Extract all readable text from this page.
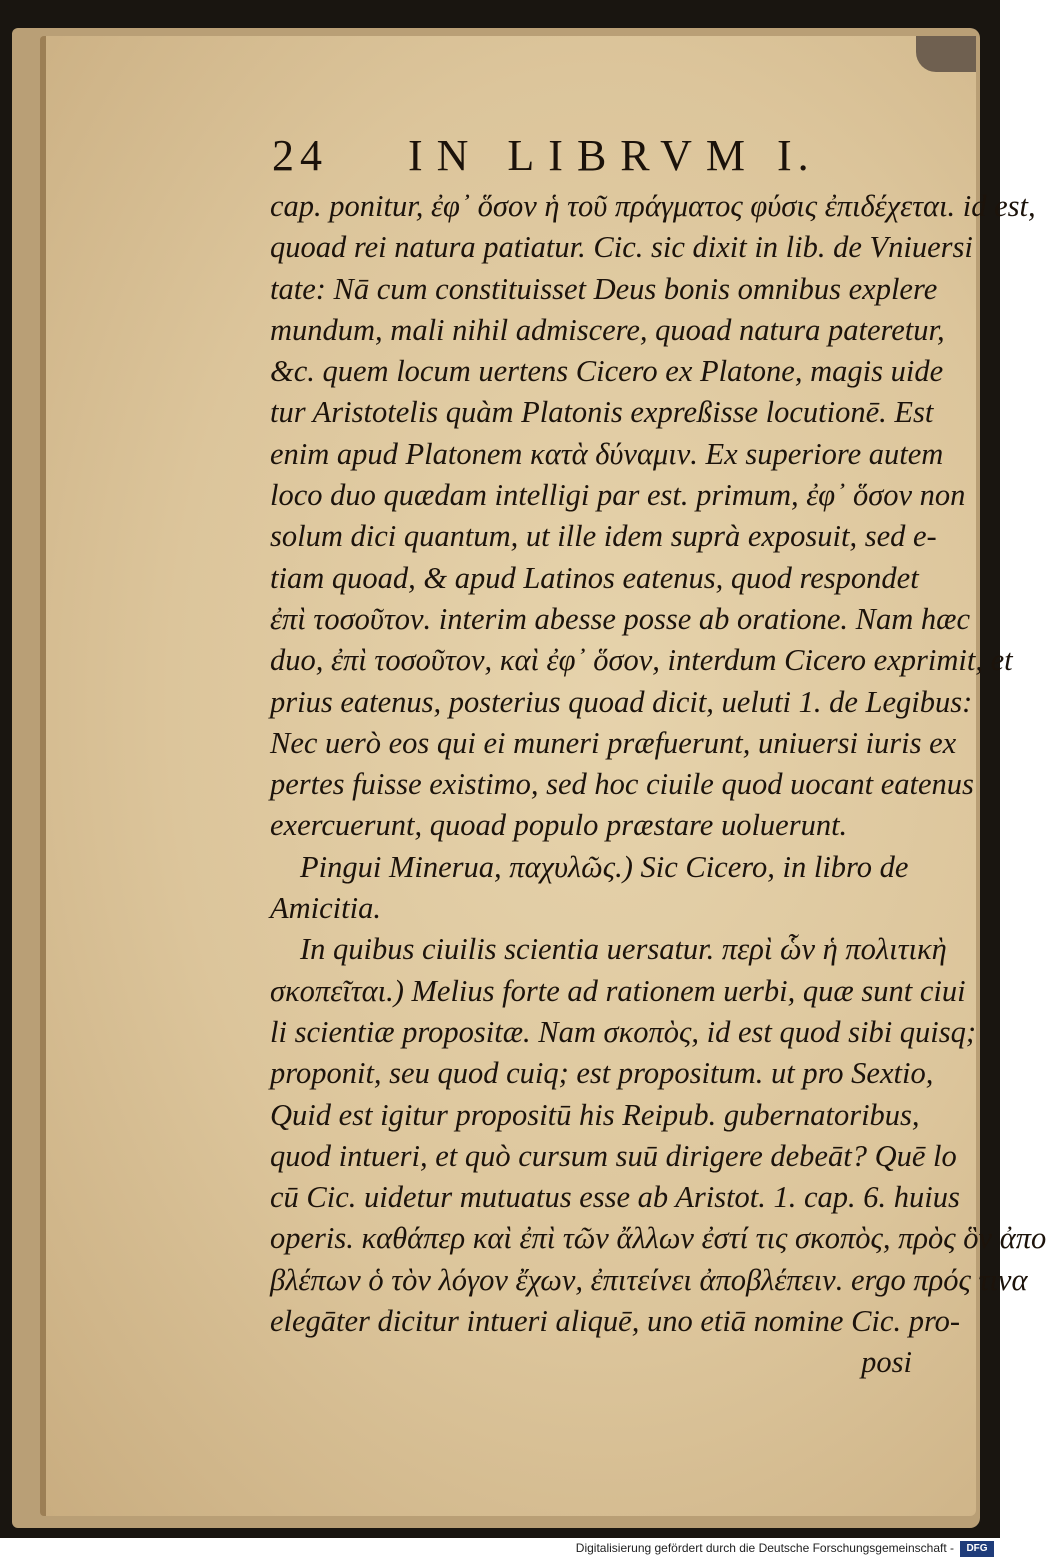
24 IN LIBRVM I.
cap. ponitur, ἐφ᾽ ὅσον ἡ τοῦ πράγματος φύσις ἐπιδέχεται. id est,
quoad rei natura patiatur. Cic. sic dixit in lib. de Vniuersi
tate: Nā cum constituisset Deus bonis omnibus explere
mundum, mali nihil admiscere, quoad natura pateretur,
&c. quem locum uertens Cicero ex Platone, magis uide
tur Aristotelis quàm Platonis expreßisse locutionē. Est
enim apud Platonem κατὰ δύναμιν. Ex superiore autem
loco duo quædam intelligi par est. primum, ἐφ᾽ ὅσον non
solum dici quantum, ut ille idem suprà exposuit, sed e-
tiam quoad, & apud Latinos eatenus, quod respondet
ἐπὶ τοσοῦτον. interim abesse posse ab oratione. Nam hæc
duo, ἐπὶ τοσοῦτον, καὶ ἐφ᾽ ὅσον, interdum Cicero exprimit, et
prius eatenus, posterius quoad dicit, ueluti 1. de Legibus:
Nec uerò eos qui ei muneri præfuerunt, uniuersi iuris ex
pertes fuisse existimo, sed hoc ciuile quod uocant eatenus
exercuerunt, quoad populo præstare uoluerunt.
Pingui Minerua, παχυλῶς.) Sic Cicero, in libro de
Amicitia.
In quibus ciuilis scientia uersatur. περὶ ὧν ἡ πολιτικὴ
σκοπεῖται.) Melius forte ad rationem uerbi, quæ sunt ciui
li scientiæ propositæ. Nam σκοπὸς, id est quod sibi quisq;
proponit, seu quod cuiq; est propositum. ut pro Sextio,
Quid est igitur propositū his Reipub. gubernatoribus,
quod intueri, et quò cursum suū dirigere debeāt? Quē lo
cū Cic. uidetur mutuatus esse ab Aristot. 1. cap. 6. huius
operis. καθάπερ καὶ ἐπὶ τῶν ἄλλων ἐστί τις σκοπὸς, πρὸς ὃν ἀπο
βλέπων ὁ τὸν λόγον ἔχων, ἐπιτείνει ἀποβλέπειν. ergo πρός τινα
elegāter dicitur intueri aliquē, uno etiā nomine Cic. pro-
posi
Digitalisierung gefördert durch die Deutsche Forschungsgemeinschaft -	DFG
